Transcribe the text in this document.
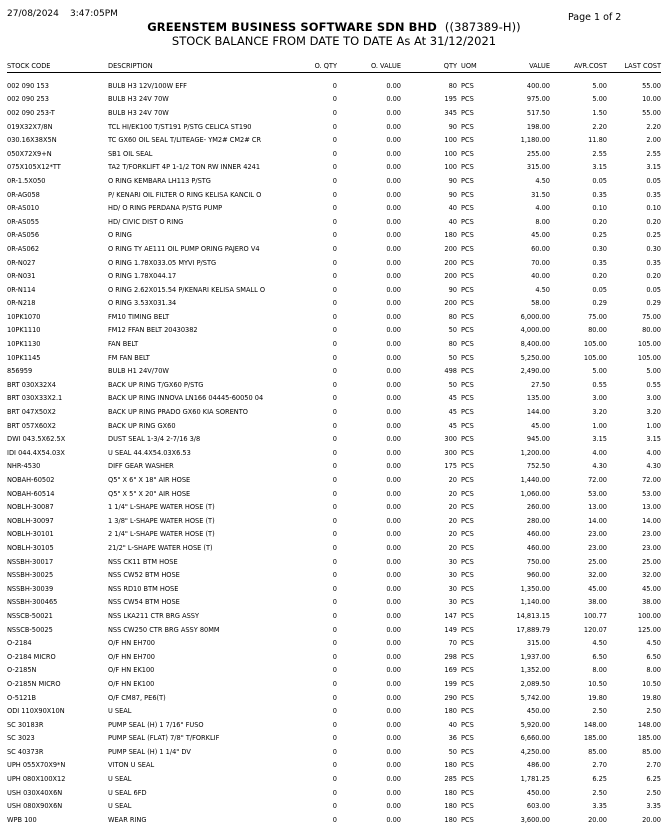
27/08/2024 3:47:05PM	Page 1 of 2
GREENSTEM BUSINESS SOFTWARE SDN BHD ((387389-H))
STOCK BALANCE FROM DATE TO DATE As At 31/12/2021
STOCK CODE	DESCRIPTION	O. QTY	O. VALUE	QTY	UOM	VALUE	AVR.COST	LAST COST

002 090 153	BULB H3 12V/100W EFF	0	0.00	80	PCS	400.00	5.00	55.00
002 090 253	BULB H3 24V 70W	0	0.00	195	PCS	975.00	5.00	10.00
002 090 253-T	BULB H3 24V 70W	0	0.00	345	PCS	517.50	1.50	55.00
019X32X7/8N	TCL HI/EK100 T/ST191 P/STG CELICA ST190	0	0.00	90	PCS	198.00	2.20	2.20
030.16X38X5N	TC GX60 OIL SEAL T/LITEAGE- YM2# CM2# CR	0	0.00	100	PCS	1,180.00	11.80	2.00
050X72X9+N	SB1 OIL SEAL	0	0.00	100	PCS	255.00	2.55	2.55
075X105X12*TT	TA2 T/FORKLIFT 4P 1-1/2 TON RW INNER 4241	0	0.00	100	PCS	315.00	3.15	3.15
0R-1.5X050	O RING KEMBARA LH113 P/STG	0	0.00	90	PCS	4.50	0.05	0.05
0R-AG058	P/ KENARI OIL FILTER O RING KELISA KANCIL O	0	0.00	90	PCS	31.50	0.35	0.35
0R-AS010	HD/ O RING PERDANA P/STG PUMP	0	0.00	40	PCS	4.00	0.10	0.10
0R-AS055	HD/ CIVIC DIST O RING	0	0.00	40	PCS	8.00	0.20	0.20
0R-AS056	O RING	0	0.00	180	PCS	45.00	0.25	0.25
0R-AS062	O RING TY AE111 OIL PUMP ORING PAJERO V4	0	0.00	200	PCS	60.00	0.30	0.30
0R-N027	O RING 1.78X033.05 MYVI P/STG	0	0.00	200	PCS	70.00	0.35	0.35
0R-N031	O RING 1.78X044.17	0	0.00	200	PCS	40.00	0.20	0.20
0R-N114	O RING 2.62X015.54 P/KENARI KELISA SMALL O	0	0.00	90	PCS	4.50	0.05	0.05
0R-N218	O RING 3.53X031.34	0	0.00	200	PCS	58.00	0.29	0.29
10PK1070	FM10 TIMING BELT	0	0.00	80	PCS	6,000.00	75.00	75.00
10PK1110	FM12 FFAN BELT 20430382	0	0.00	50	PCS	4,000.00	80.00	80.00
10PK1130	FAN BELT	0	0.00	80	PCS	8,400.00	105.00	105.00
10PK1145	FM FAN BELT	0	0.00	50	PCS	5,250.00	105.00	105.00
856959	BULB H1 24V/70W	0	0.00	498	PCS	2,490.00	5.00	5.00
BRT 030X32X4	BACK UP RING T/GX60 P/STG	0	0.00	50	PCS	27.50	0.55	0.55
BRT 030X33X2.1	BACK UP RING INNOVA LN166 04445-60050 04	0	0.00	45	PCS	135.00	3.00	3.00
BRT 047X50X2	BACK UP RING PRADO GX60 KIA SORENTO	0	0.00	45	PCS	144.00	3.20	3.20
BRT 057X60X2	BACK UP RING GX60	0	0.00	45	PCS	45.00	1.00	1.00
DWI 043.5X62.5X	DUST SEAL 1-3/4 2-7/16 3/8	0	0.00	300	PCS	945.00	3.15	3.15
IDI 044.4X54.03X	U SEAL 44.4X54.03X6.53	0	0.00	300	PCS	1,200.00	4.00	4.00
NHR-4530	DIFF GEAR WASHER	0	0.00	175	PCS	752.50	4.30	4.30
NOBAH-60502	Q5" X 6" X 18" AIR HOSE	0	0.00	20	PCS	1,440.00	72.00	72.00
NOBAH-60514	Q5" X 5" X 20" AIR HOSE	0	0.00	20	PCS	1,060.00	53.00	53.00
NOBLH-30087	1 1/4" L-SHAPE WATER HOSE (T)	0	0.00	20	PCS	260.00	13.00	13.00
NOBLH-30097	1 3/8" L-SHAPE WATER HOSE (T)	0	0.00	20	PCS	280.00	14.00	14.00
NOBLH-30101	2 1/4" L-SHAPE WATER HOSE (T)	0	0.00	20	PCS	460.00	23.00	23.00
NOBLH-30105	21/2" L-SHAPE WATER HOSE (T)	0	0.00	20	PCS	460.00	23.00	23.00
NSSBH-30017	NSS CK11 BTM HOSE	0	0.00	30	PCS	750.00	25.00	25.00
NSSBH-30025	NSS CW52 BTM HOSE	0	0.00	30	PCS	960.00	32.00	32.00
NSSBH-30039	NSS RD10 BTM HOSE	0	0.00	30	PCS	1,350.00	45.00	45.00
NSSBH-300465	NSS CW54 BTM HOSE	0	0.00	30	PCS	1,140.00	38.00	38.00
NSSCB-50021	NSS LKA211 CTR BRG ASSY	0	0.00	147	PCS	14,813.15	100.77	100.00
NSSCB-50025	NSS CW250 CTR BRG ASSY 80MM	0	0.00	149	PCS	17,889.79	120.07	125.00
O-2184	O/F HN EH700	0	0.00	70	PCS	315.00	4.50	4.50
O-2184 MICRO	O/F HN EH700	0	0.00	298	PCS	1,937.00	6.50	6.50
O-2185N	O/F HN EK100	0	0.00	169	PCS	1,352.00	8.00	8.00
O-2185N MICRO	O/F HN EK100	0	0.00	199	PCS	2,089.50	10.50	10.50
O-5121B	O/F CM87, PE6(T)	0	0.00	290	PCS	5,742.00	19.80	19.80
ODI 110X90X10N	U SEAL	0	0.00	180	PCS	450.00	2.50	2.50
SC 30183R	PUMP SEAL (H) 1 7/16" FUSO	0	0.00	40	PCS	5,920.00	148.00	148.00
SC 3023	PUMP SEAL (FLAT) 7/8" T/FORKLIF	0	0.00	36	PCS	6,660.00	185.00	185.00
SC 40373R	PUMP SEAL (H) 1 1/4" DV	0	0.00	50	PCS	4,250.00	85.00	85.00
UPH 055X70X9*N	VITON U SEAL	0	0.00	180	PCS	486.00	2.70	2.70
UPH 080X100X12	U SEAL	0	0.00	285	PCS	1,781.25	6.25	6.25
USH 030X40X6N	U SEAL 6FD	0	0.00	180	PCS	450.00	2.50	2.50
USH 080X90X6N	U SEAL	0	0.00	180	PCS	603.00	3.35	3.35
WPB 100	WEAR RING	0	0.00	180	PCS	3,600.00	20.00	20.00
